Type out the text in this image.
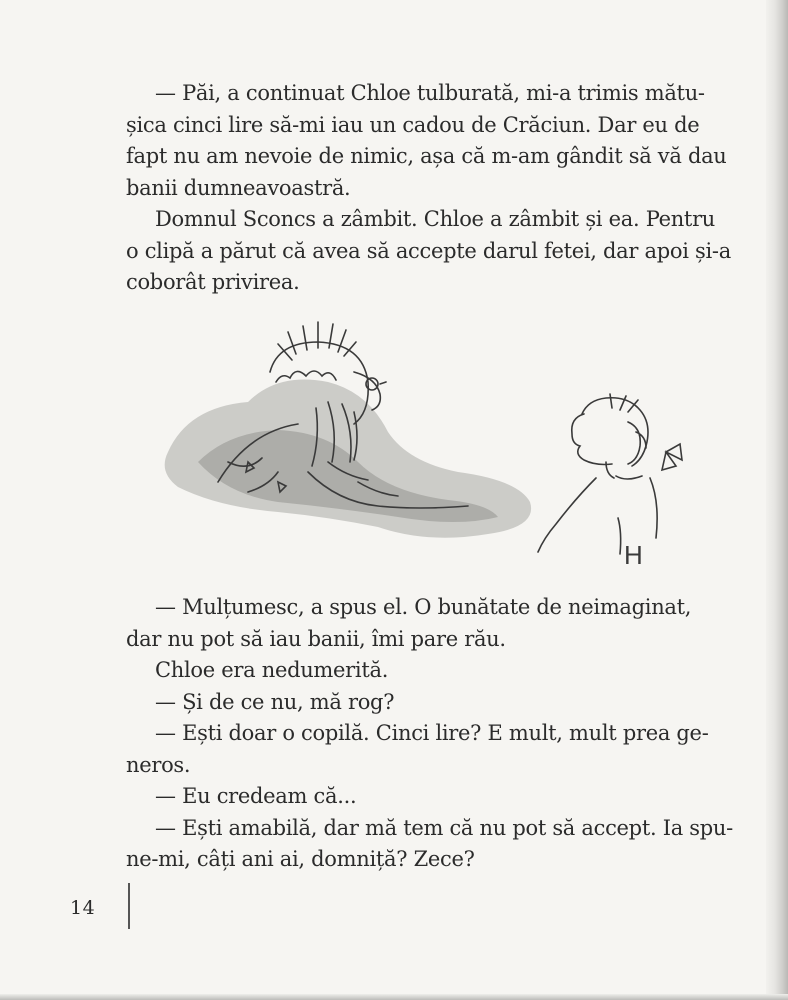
— Păi, a continuat Chloe tulburată, mi-a trimis mătu-

șica cinci lire să-mi iau un cadou de Crăciun. Dar eu de

fapt nu am nevoie de nimic, așa că m-am gândit să vă dau

banii dumneavoastră.

Domnul Sconcs a zâmbit. Chloe a zâmbit și ea. Pentru

o clipă a părut că avea să accepte darul fetei, dar apoi și-a

coborât privirea.

H

— Mulțumesc, a spus el. O bunătate de neimaginat,

dar nu pot să iau banii, îmi pare rău.

Chloe era nedumerită.

— Și de ce nu, mă rog?

— Ești doar o copilă. Cinci lire? E mult, mult prea ge-

neros.

— Eu credeam că...

— Ești amabilă, dar mă tem că nu pot să accept. Ia spu-

ne-mi, câți ani ai, domniță? Zece?

14
